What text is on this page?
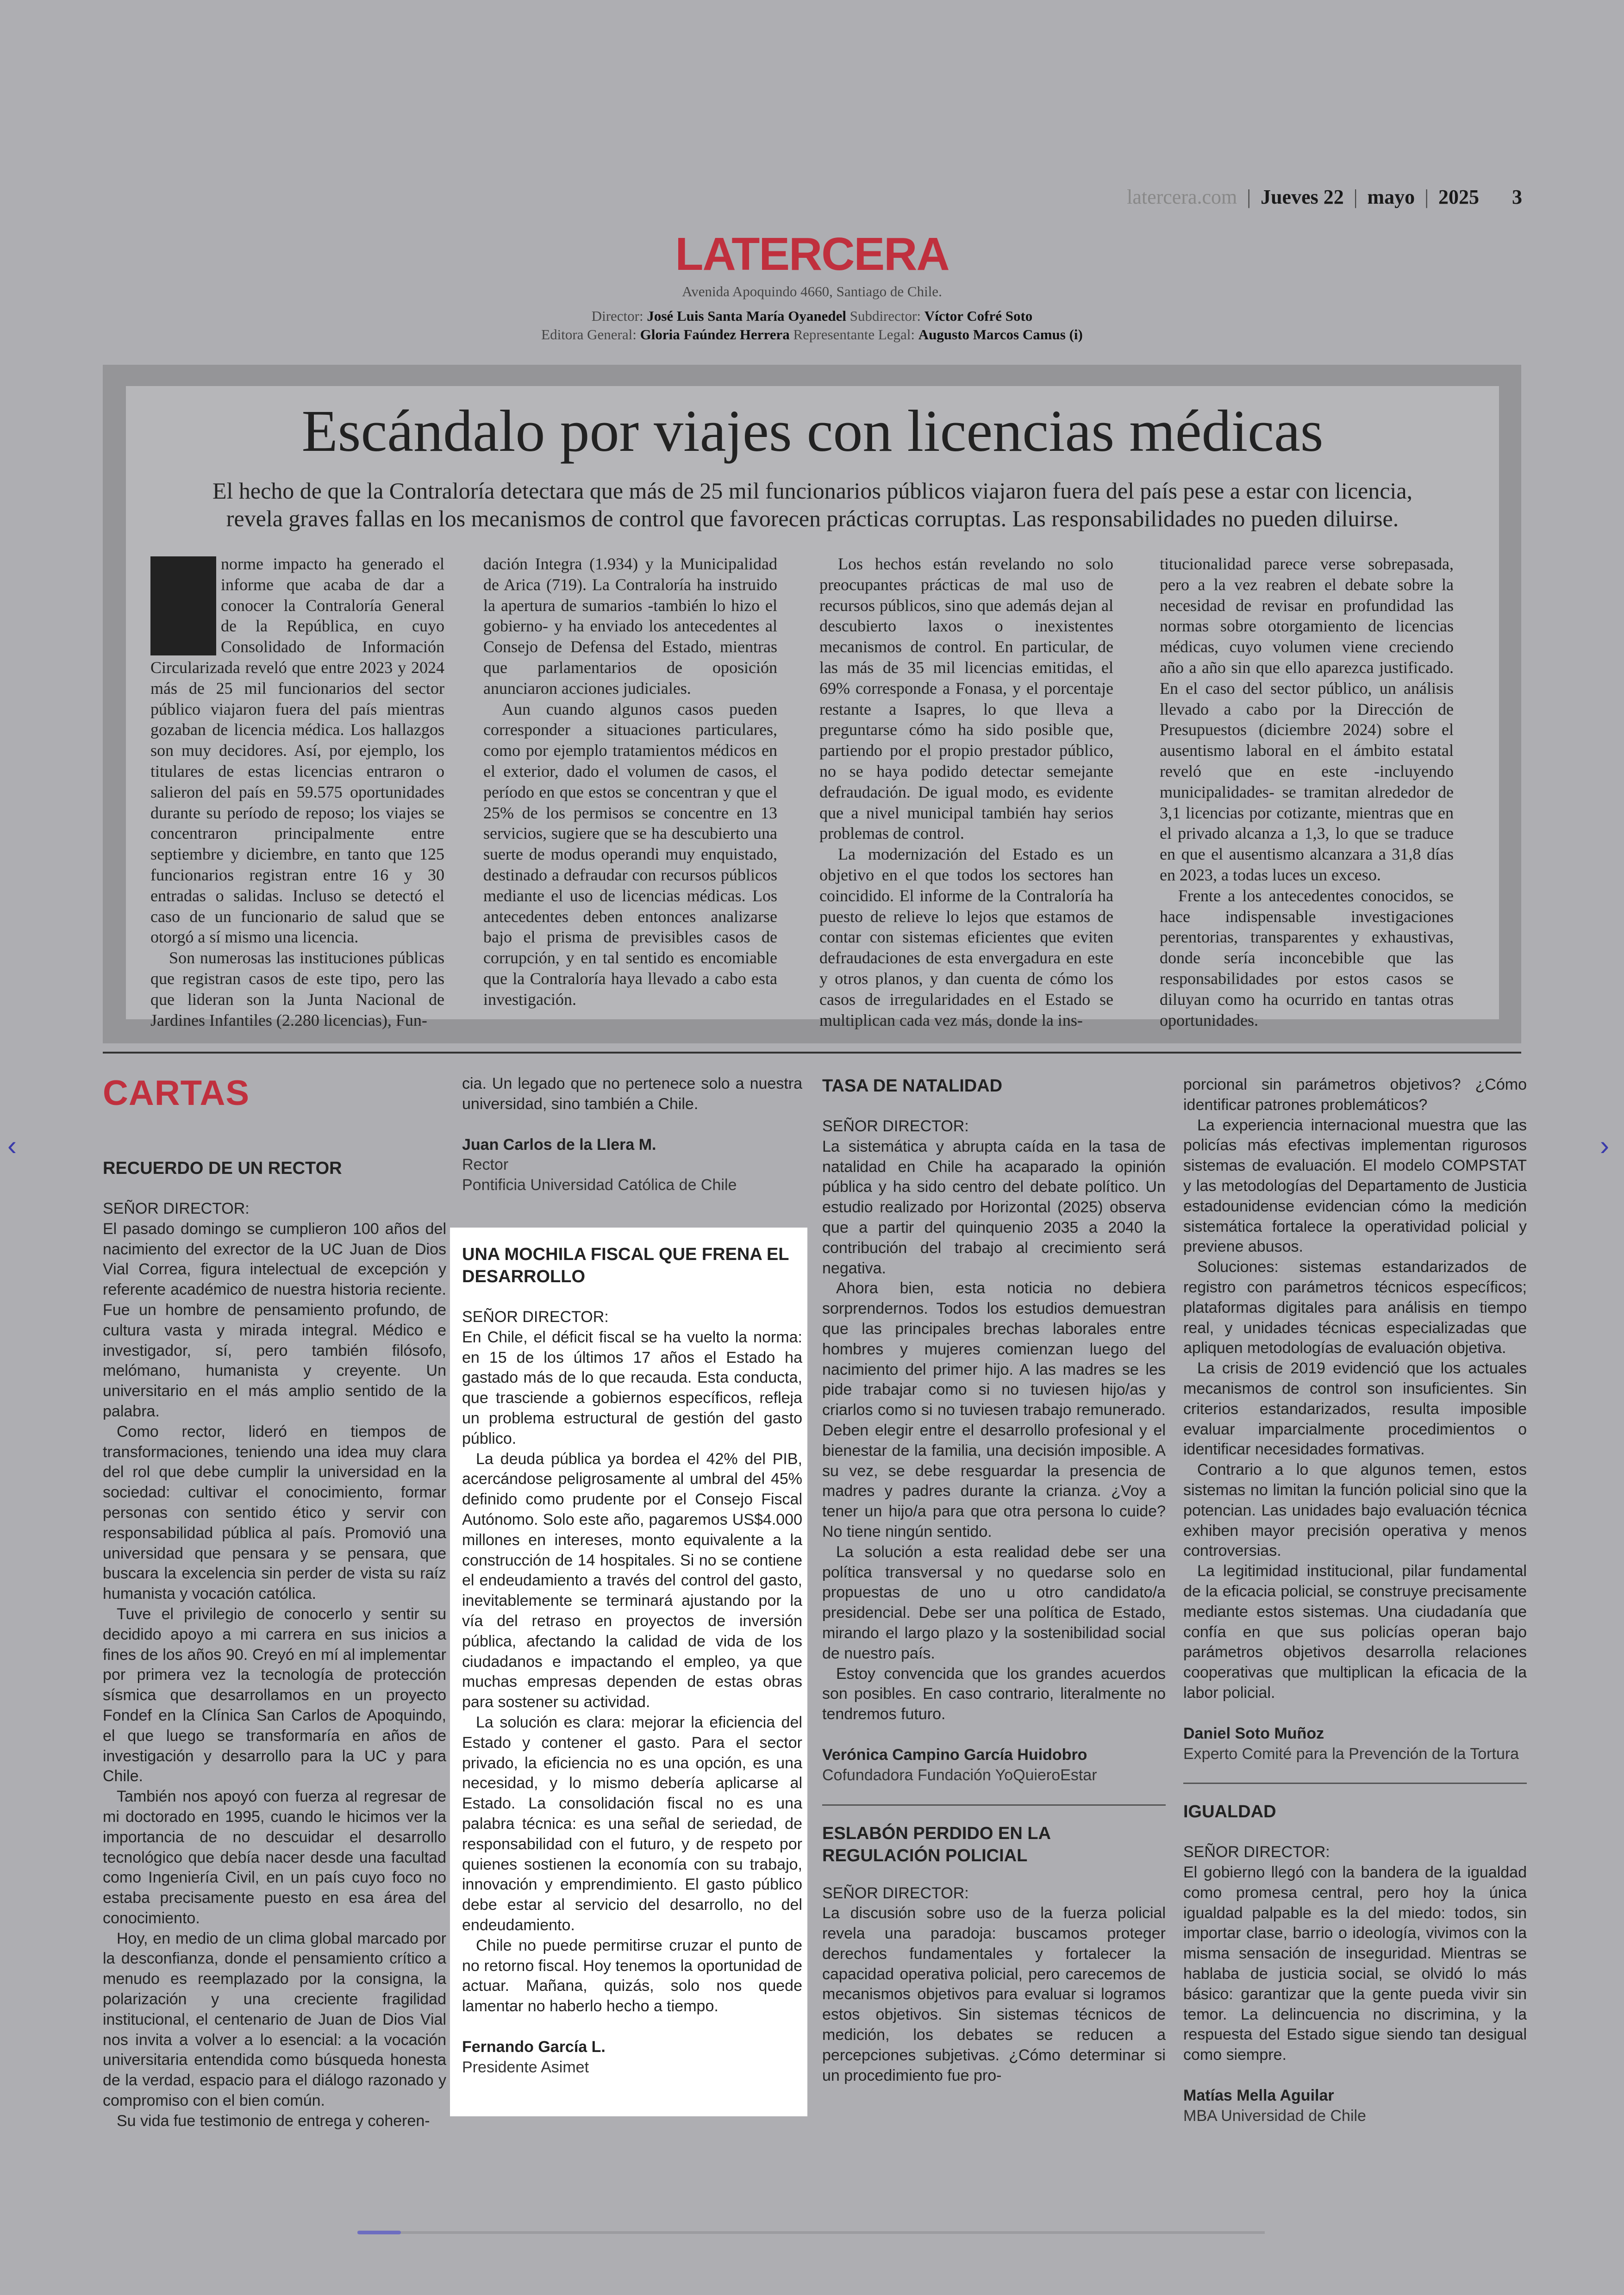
latercera.com | Jueves 22 | mayo | 2025 3
LATERCERA
Avenida Apoquindo 4660, Santiago de Chile.
Director: José Luis Santa María Oyanedel Subdirector: Víctor Cofré Soto
Editora General: Gloria Faúndez Herrera Representante Legal: Augusto Marcos Camus (i)
Escándalo por viajes con licencias médicas
El hecho de que la Contraloría detectara que más de 25 mil funcionarios públicos viajaron fuera del país pese a estar con licencia,
revela graves fallas en los mecanismos de control que favorecen prácticas corruptas. Las responsabilidades no pueden diluirse.
E norme impacto ha generado el informe que acaba de dar a conocer la Contraloría General de la República, en cuyo Consolidado de Información Circularizada reveló que entre 2023 y 2024 más de 25 mil funcionarios del sector público viajaron fuera del país mientras gozaban de licencia médica. Los hallazgos son muy decidores. Así, por ejemplo, los titulares de estas licencias entraron o salieron del país en 59.575 oportunidades durante su período de reposo; los viajes se concentraron principalmente entre septiembre y diciembre, en tanto que 125 funcionarios registran entre 16 y 30 entradas o salidas. Incluso se detectó el caso de un funcionario de salud que se otorgó a sí mismo una licencia.

Son numerosas las instituciones públicas que registran casos de este tipo, pero las que lideran son la Junta Nacional de Jardines Infantiles (2.280 licencias), Fun-

dación Integra (1.934) y la Municipalidad de Arica (719). La Contraloría ha instruido la apertura de sumarios -también lo hizo el gobierno- y ha enviado los antecedentes al Consejo de Defensa del Estado, mientras que parlamentarios de oposición anunciaron acciones judiciales.

Aun cuando algunos casos pueden corresponder a situaciones particulares, como por ejemplo tratamientos médicos en el exterior, dado el volumen de casos, el período en que estos se concentran y que el 25% de los permisos se concentre en 13 servicios, sugiere que se ha descubierto una suerte de modus operandi muy enquistado, destinado a defraudar con recursos públicos mediante el uso de licencias médicas. Los antecedentes deben entonces analizarse bajo el prisma de previsibles casos de corrupción, y en tal sentido es encomiable que la Contraloría haya llevado a cabo esta investigación.

Los hechos están revelando no solo preocupantes prácticas de mal uso de recursos públicos, sino que además dejan al descubierto laxos o inexistentes mecanismos de control. En particular, de las más de 35 mil licencias emitidas, el 69% corresponde a Fonasa, y el porcentaje restante a Isapres, lo que lleva a preguntarse cómo ha sido posible que, partiendo por el propio prestador público, no se haya podido detectar semejante defraudación. De igual modo, es evidente que a nivel municipal también hay serios problemas de control.

La modernización del Estado es un objetivo en el que todos los sectores han coincidido. El informe de la Contraloría ha puesto de relieve lo lejos que estamos de contar con sistemas eficientes que eviten defraudaciones de esta envergadura en este y otros planos, y dan cuenta de cómo los casos de irregularidades en el Estado se multiplican cada vez más, donde la ins-

titucionalidad parece verse sobrepasada, pero a la vez reabren el debate sobre la necesidad de revisar en profundidad las normas sobre otorgamiento de licencias médicas, cuyo volumen viene creciendo año a año sin que ello aparezca justificado. En el caso del sector público, un análisis llevado a cabo por la Dirección de Presupuestos (diciembre 2024) sobre el ausentismo laboral en el ámbito estatal reveló que en este -incluyendo municipalidades- se tramitan alrededor de 3,1 licencias por cotizante, mientras que en el privado alcanza a 1,3, lo que se traduce en que el ausentismo alcanzara a 31,8 días en 2023, a todas luces un exceso.

Frente a los antecedentes conocidos, se hace indispensable investigaciones perentorias, transparentes y exhaustivas, donde sería inconcebible que las responsabilidades por estos casos se diluyan como ha ocurrido en tantas otras oportunidades.

CARTAS
RECUERDO DE UN RECTOR

SEÑOR DIRECTOR:

El pasado domingo se cumplieron 100 años del nacimiento del exrector de la UC Juan de Dios Vial Correa, figura intelectual de excepción y referente académico de nuestra historia reciente. Fue un hombre de pensamiento profundo, de cultura vasta y mirada integral. Médico e investigador, sí, pero también filósofo, melómano, humanista y creyente. Un universitario en el más amplio sentido de la palabra.

Como rector, lideró en tiempos de transformaciones, teniendo una idea muy clara del rol que debe cumplir la universidad en la sociedad: cultivar el conocimiento, formar personas con sentido ético y servir con responsabilidad pública al país. Promovió una universidad que pensara y se pensara, que buscara la excelencia sin perder de vista su raíz humanista y vocación católica.

Tuve el privilegio de conocerlo y sentir su decidido apoyo a mi carrera en sus inicios a fines de los años 90. Creyó en mí al implementar por primera vez la tecnología de protección sísmica que desarrollamos en un proyecto Fondef en la Clínica San Carlos de Apoquindo, el que luego se transformaría en años de investigación y desarrollo para la UC y para Chile.

También nos apoyó con fuerza al regresar de mi doctorado en 1995, cuando le hicimos ver la importancia de no descuidar el desarrollo tecnológico que debía nacer desde una facultad como Ingeniería Civil, en un país cuyo foco no estaba precisamente puesto en esa área del conocimiento.

Hoy, en medio de un clima global marcado por la desconfianza, donde el pensamiento crítico a menudo es reemplazado por la consigna, la polarización y una creciente fragilidad institucional, el centenario de Juan de Dios Vial nos invita a volver a lo esencial: a la vocación universitaria entendida como búsqueda honesta de la verdad, espacio para el diálogo razonado y compromiso con el bien común.

Su vida fue testimonio de entrega y coheren-

cia. Un legado que no pertenece solo a nuestra universidad, sino también a Chile.

Juan Carlos de la Llera M.

Rector

Pontificia Universidad Católica de Chile

UNA MOCHILA FISCAL QUE FRENA EL DESARROLLO

SEÑOR DIRECTOR:

En Chile, el déficit fiscal se ha vuelto la norma: en 15 de los últimos 17 años el Estado ha gastado más de lo que recauda. Esta conducta, que trasciende a gobiernos específicos, refleja un problema estructural de gestión del gasto público.

La deuda pública ya bordea el 42% del PIB, acercándose peligrosamente al umbral del 45% definido como prudente por el Consejo Fiscal Autónomo. Solo este año, pagaremos US$4.000 millones en intereses, monto equivalente a la construcción de 14 hospitales. Si no se contiene el endeudamiento a través del control del gasto, inevitablemente se terminará ajustando por la vía del retraso en proyectos de inversión pública, afectando la calidad de vida de los ciudadanos e impactando el empleo, ya que muchas empresas dependen de estas obras para sostener su actividad.

La solución es clara: mejorar la eficiencia del Estado y contener el gasto. Para el sector privado, la eficiencia no es una opción, es una necesidad, y lo mismo debería aplicarse al Estado. La consolidación fiscal no es una palabra técnica: es una señal de seriedad, de responsabilidad con el futuro, y de respeto por quienes sostienen la economía con su trabajo, innovación y emprendimiento. El gasto público debe estar al servicio del desarrollo, no del endeudamiento.

Chile no puede permitirse cruzar el punto de no retorno fiscal. Hoy tenemos la oportunidad de actuar. Mañana, quizás, solo nos quede lamentar no haberlo hecho a tiempo.

Fernando García L.

Presidente Asimet

TASA DE NATALIDAD

SEÑOR DIRECTOR:

La sistemática y abrupta caída en la tasa de natalidad en Chile ha acaparado la opinión pública y ha sido centro del debate político. Un estudio realizado por Horizontal (2025) observa que a partir del quinquenio 2035 a 2040 la contribución del trabajo al crecimiento será negativa.

Ahora bien, esta noticia no debiera sorprendernos. Todos los estudios demuestran que las principales brechas laborales entre hombres y mujeres comienzan luego del nacimiento del primer hijo. A las madres se les pide trabajar como si no tuviesen hijo/as y criarlos como si no tuviesen trabajo remunerado. Deben elegir entre el desarrollo profesional y el bienestar de la familia, una decisión imposible. A su vez, se debe resguardar la presencia de madres y padres durante la crianza. ¿Voy a tener un hijo/a para que otra persona lo cuide? No tiene ningún sentido.

La solución a esta realidad debe ser una política transversal y no quedarse solo en propuestas de uno u otro candidato/a presidencial. Debe ser una política de Estado, mirando el largo plazo y la sostenibilidad social de nuestro país.

Estoy convencida que los grandes acuerdos son posibles. En caso contrario, literalmente no tendremos futuro.

Verónica Campino García Huidobro

Cofundadora Fundación YoQuieroEstar

ESLABÓN PERDIDO EN LA REGULACIÓN POLICIAL

SEÑOR DIRECTOR:

La discusión sobre uso de la fuerza policial revela una paradoja: buscamos proteger derechos fundamentales y fortalecer la capacidad operativa policial, pero carecemos de mecanismos objetivos para evaluar si logramos estos objetivos. Sin sistemas técnicos de medición, los debates se reducen a percepciones subjetivas. ¿Cómo determinar si un procedimiento fue pro-

porcional sin parámetros objetivos? ¿Cómo identificar patrones problemáticos?

La experiencia internacional muestra que las policías más efectivas implementan rigurosos sistemas de evaluación. El modelo COMPSTAT y las metodologías del Departamento de Justicia estadounidense evidencian cómo la medición sistemática fortalece la operatividad policial y previene abusos.

Soluciones: sistemas estandarizados de registro con parámetros técnicos específicos; plataformas digitales para análisis en tiempo real, y unidades técnicas especializadas que apliquen metodologías de evaluación objetiva.

La crisis de 2019 evidenció que los actuales mecanismos de control son insuficientes. Sin criterios estandarizados, resulta imposible evaluar imparcialmente procedimientos o identificar necesidades formativas.

Contrario a lo que algunos temen, estos sistemas no limitan la función policial sino que la potencian. Las unidades bajo evaluación técnica exhiben mayor precisión operativa y menos controversias.

La legitimidad institucional, pilar fundamental de la eficacia policial, se construye precisamente mediante estos sistemas. Una ciudadanía que confía en que sus policías operan bajo parámetros objetivos desarrolla relaciones cooperativas que multiplican la eficacia de la labor policial.

Daniel Soto Muñoz

Experto Comité para la Prevención de la Tortura

IGUALDAD

SEÑOR DIRECTOR:

El gobierno llegó con la bandera de la igualdad como promesa central, pero hoy la única igualdad palpable es la del miedo: todos, sin importar clase, barrio o ideología, vivimos con la misma sensación de inseguridad. Mientras se hablaba de justicia social, se olvidó lo más básico: garantizar que la gente pueda vivir sin temor. La delincuencia no discrimina, y la respuesta del Estado sigue siendo tan desigual como siempre.

Matías Mella Aguilar

MBA Universidad de Chile

‹	›
